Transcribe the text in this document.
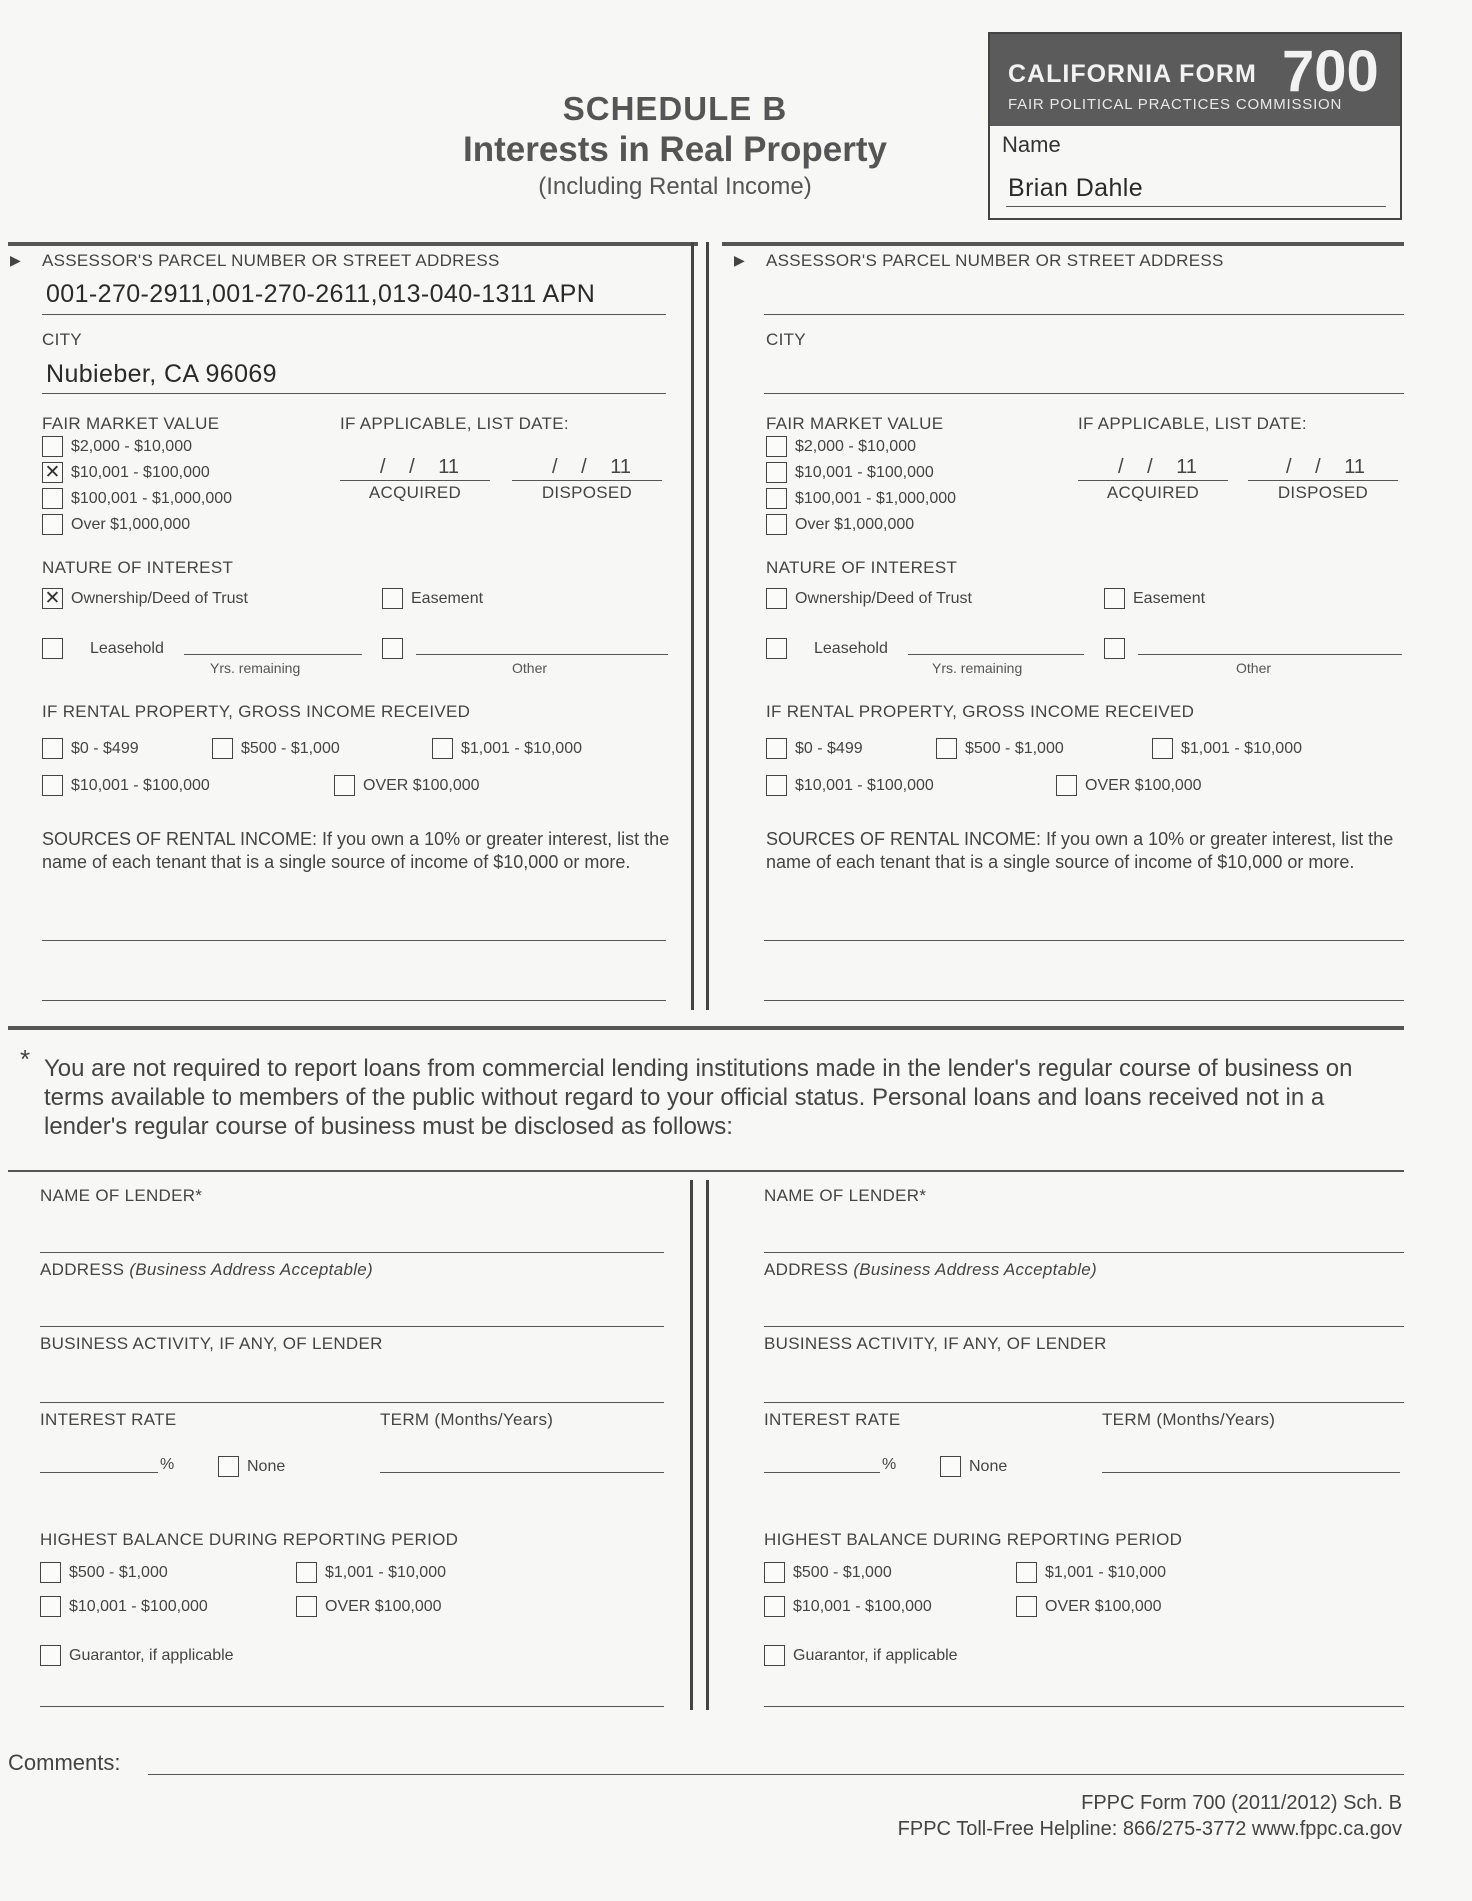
SCHEDULE B
Interests in Real Property
(Including Rental Income)
CALIFORNIA FORM 700
FAIR POLITICAL PRACTICES COMMISSION
Name
Brian Dahle
▶ ASSESSOR'S PARCEL NUMBER OR STREET ADDRESS
001-270-2911,001-270-2611,013-040-1311 APN
CITY
Nubieber, CA 96069
FAIR MARKET VALUE	IF APPLICABLE, LIST DATE:
$2,000 - $10,000
✕ $10,001 - $100,000
$100,001 - $1,000,000
Over $1,000,000
/ / 11
ACQUIRED
/ / 11
DISPOSED
NATURE OF INTEREST
✕ Ownership/Deed of Trust	Easement
Leasehold
Yrs. remaining	Other
IF RENTAL PROPERTY, GROSS INCOME RECEIVED
$0 - $499	$500 - $1,000	$1,001 - $10,000
$10,001 - $100,000	OVER $100,000
SOURCES OF RENTAL INCOME: If you own a 10% or greater interest, list the name of each tenant that is a single source of income of $10,000 or more.
▶ ASSESSOR'S PARCEL NUMBER OR STREET ADDRESS
CITY
FAIR MARKET VALUE	IF APPLICABLE, LIST DATE:
$2,000 - $10,000
$10,001 - $100,000
$100,001 - $1,000,000
Over $1,000,000
/ / 11
ACQUIRED
/ / 11
DISPOSED
NATURE OF INTEREST
Ownership/Deed of Trust	Easement
Leasehold
Yrs. remaining	Other
IF RENTAL PROPERTY, GROSS INCOME RECEIVED
$0 - $499	$500 - $1,000	$1,001 - $10,000
$10,001 - $100,000	OVER $100,000
SOURCES OF RENTAL INCOME: If you own a 10% or greater interest, list the name of each tenant that is a single source of income of $10,000 or more.
* You are not required to report loans from commercial lending institutions made in the lender's regular course of business on terms available to members of the public without regard to your official status. Personal loans and loans received not in a lender's regular course of business must be disclosed as follows:
NAME OF LENDER*
ADDRESS (Business Address Acceptable)
BUSINESS ACTIVITY, IF ANY, OF LENDER
INTEREST RATE	TERM (Months/Years)
%	None
HIGHEST BALANCE DURING REPORTING PERIOD
$500 - $1,000	$1,001 - $10,000
$10,001 - $100,000	OVER $100,000
Guarantor, if applicable
NAME OF LENDER*
ADDRESS (Business Address Acceptable)
BUSINESS ACTIVITY, IF ANY, OF LENDER
INTEREST RATE	TERM (Months/Years)
%	None
HIGHEST BALANCE DURING REPORTING PERIOD
$500 - $1,000	$1,001 - $10,000
$10,001 - $100,000	OVER $100,000
Guarantor, if applicable
Comments:
FPPC Form 700 (2011/2012) Sch. B
FPPC Toll-Free Helpline: 866/275-3772 www.fppc.ca.gov
